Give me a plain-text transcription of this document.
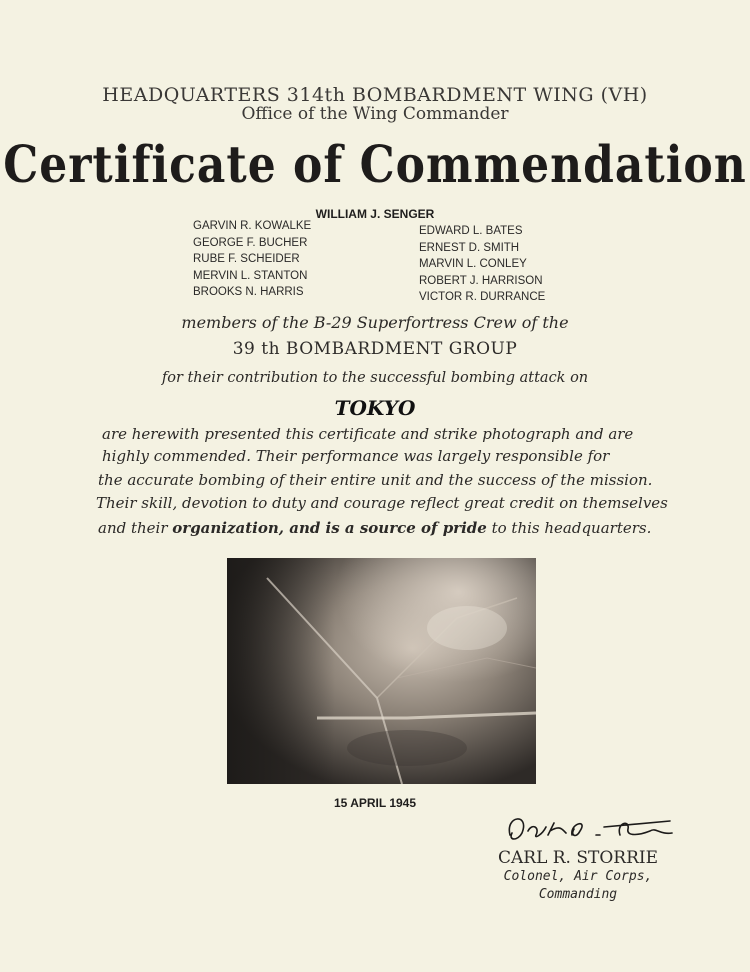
HEADQUARTERS 314th BOMBARDMENT WING (VH)
Office of the Wing Commander
Certificate of Commendation
WILLIAM J. SENGER
GARVIN R. KOWALKE
GEORGE F. BUCHER
RUBE F. SCHEIDER
MERVIN L. STANTON
BROOKS N. HARRIS
EDWARD L. BATES
ERNEST D. SMITH
MARVIN L. CONLEY
ROBERT J. HARRISON
VICTOR R. DURRANCE
members of the B-29 Superfortress Crew of the
39 th BOMBARDMENT GROUP
for their contribution to the successful bombing attack on
TOKYO
are herewith presented this certificate and strike photograph and are
highly commended. Their performance was largely responsible for
the accurate bombing of their entire unit and the success of the mission.
Their skill, devotion to duty and courage reflect great credit on themselves
and their organization, and is a source of pride to this headquarters.
15 APRIL 1945
CARL R. STORRIE
Colonel, Air Corps,
Commanding
